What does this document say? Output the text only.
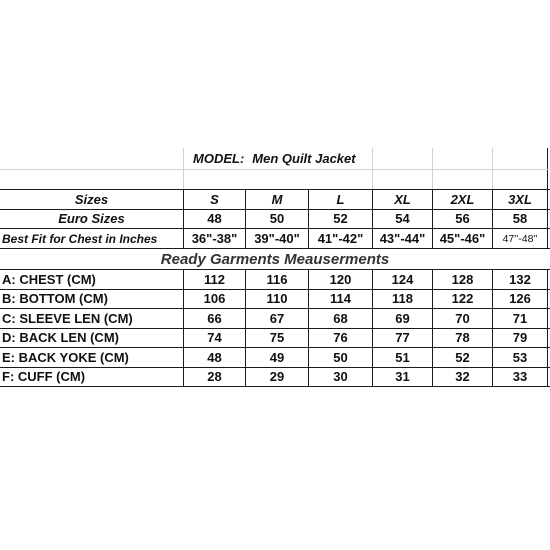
MODEL: Men Quilt Jacket
Sizes	S	M	L	XL	2XL	3XL
Euro Sizes	48	50	52	54	56	58
Best Fit for Chest in Inches	36"-38"	39"-40"	41"-42"	43"-44"	45"-46"	47''-48''
Ready Garments Meauserments
A: CHEST (CM)	112	116	120	124	128	132
B: BOTTOM (CM)	106	110	114	118	122	126
C: SLEEVE LEN (CM)	66	67	68	69	70	71
D: BACK LEN (CM)	74	75	76	77	78	79
E: BACK YOKE (CM)	48	49	50	51	52	53
F: CUFF (CM)	28	29	30	31	32	33
